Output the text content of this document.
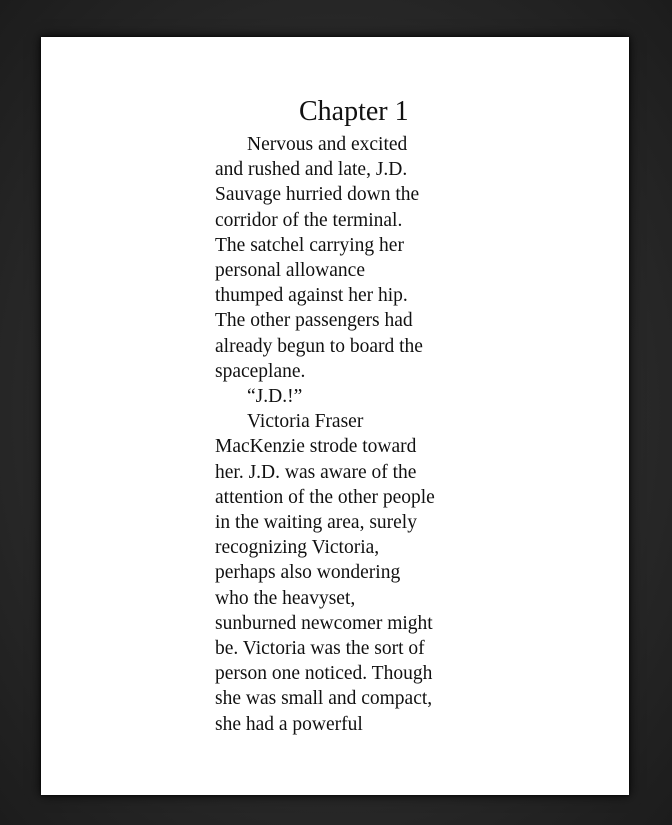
Chapter 1
Nervous and excited
and rushed and late, J.D.
Sauvage hurried down the
corridor of the terminal.
The satchel carrying her
personal allowance
thumped against her hip.
The other passengers had
already begun to board the
spaceplane.
“J.D.!”
Victoria Fraser
MacKenzie strode toward
her. J.D. was aware of the
attention of the other people
in the waiting area, surely
recognizing Victoria,
perhaps also wondering
who the heavyset,
sunburned newcomer might
be. Victoria was the sort of
person one noticed. Though
she was small and compact,
she had a powerful
